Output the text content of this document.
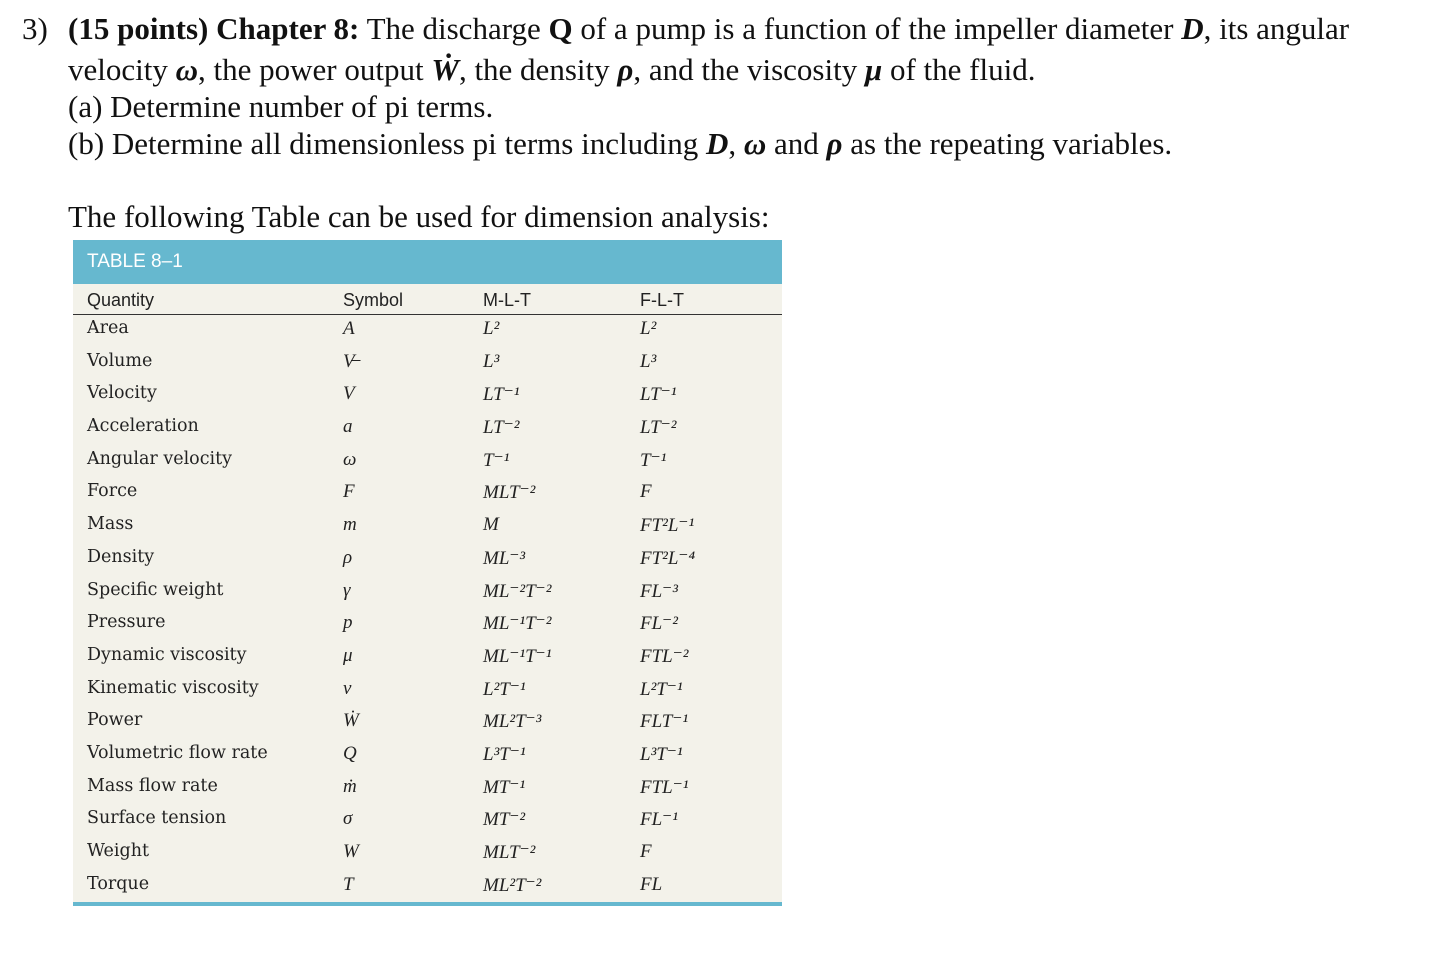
3) (15 points) Chapter 8: The discharge Q of a pump is a function of the impeller diameter D, its angular
velocity ω, the power output Ẇ, the density ρ, and the viscosity μ of the fluid.
(a) Determine number of pi terms.
(b) Determine all dimensionless pi terms including D, ω and ρ as the repeating variables.
The following Table can be used for dimension analysis:
TABLE 8–1
Quantity	Symbol	M-L-T	F-L-T
Area	A	L²	L²
Volume	V̶	L³	L³
Velocity	V	LT⁻¹	LT⁻¹
Acceleration	a	LT⁻²	LT⁻²
Angular velocity	ω	T⁻¹	T⁻¹
Force	F	MLT⁻²	F
Mass	m	M	FT²L⁻¹
Density	ρ	ML⁻³	FT²L⁻⁴
Specific weight	γ	ML⁻²T⁻²	FL⁻³
Pressure	p	ML⁻¹T⁻²	FL⁻²
Dynamic viscosity	μ	ML⁻¹T⁻¹	FTL⁻²
Kinematic viscosity	ν	L²T⁻¹	L²T⁻¹
Power	Ẇ	ML²T⁻³	FLT⁻¹
Volumetric flow rate	Q	L³T⁻¹	L³T⁻¹
Mass flow rate	ṁ	MT⁻¹	FTL⁻¹
Surface tension	σ	MT⁻²	FL⁻¹
Weight	W	MLT⁻²	F
Torque	T	ML²T⁻²	FL
